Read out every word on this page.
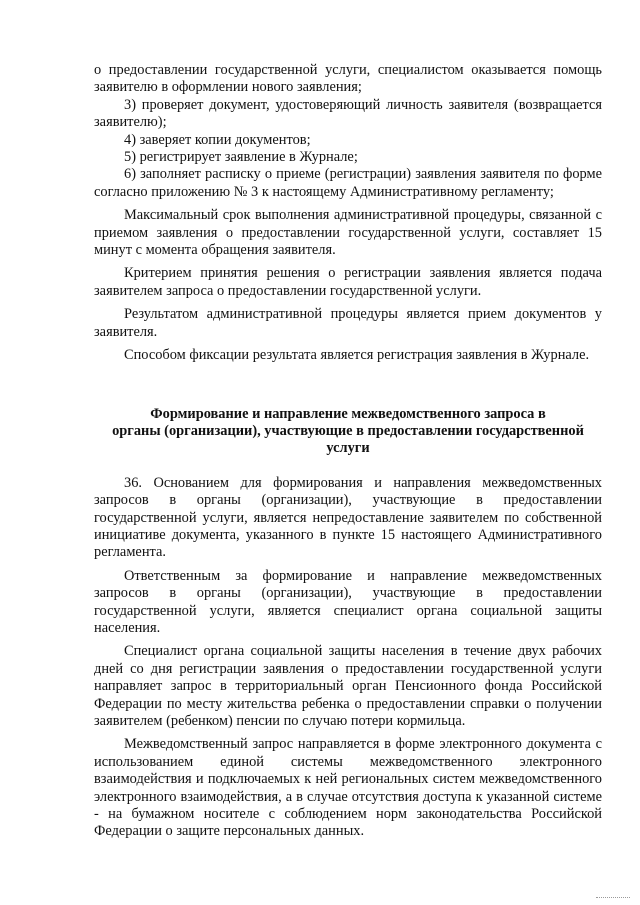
о предоставлении государственной услуги, специалистом оказывается помощь заявителю в оформлении нового заявления;

3) проверяет документ, удостоверяющий личность заявителя (возвращается заявителю);

4) заверяет копии документов;

5) регистрирует заявление в Журнале;

6) заполняет расписку о приеме (регистрации) заявления заявителя по форме согласно приложению № 3 к настоящему Административному регламенту;

Максимальный срок выполнения административной процедуры, связанной с приемом заявления о предоставлении государственной услуги, составляет 15 минут с момента обращения заявителя.

Критерием принятия решения о регистрации заявления является подача заявителем запроса о предоставлении государственной услуги.

Результатом административной процедуры является прием документов у заявителя.

Способом фиксации результата является регистрация заявления в Журнале.

Формирование и направление межведомственного запроса в
органы (организации), участвующие в предоставлении государственной
услуги

36. Основанием для формирования и направления межведомственных запросов в органы (организации), участвующие в предоставлении государственной услуги, является непредоставление заявителем по собственной инициативе документа, указанного в пункте 15 настоящего Административного регламента.

Ответственным за формирование и направление межведомственных запросов в органы (организации), участвующие в предоставлении государственной услуги, является специалист органа социальной защиты населения.

Специалист органа социальной защиты населения в течение двух рабочих дней со дня регистрации заявления о предоставлении государственной услуги направляет запрос в территориальный орган Пенсионного фонда Российской Федерации по месту жительства ребенка о предоставлении справки о получении заявителем (ребенком) пенсии по случаю потери кормильца.

Межведомственный запрос направляется в форме электронного документа с использованием единой системы межведомственного электронного взаимодействия и подключаемых к ней региональных систем межведомственного электронного взаимодействия, а в случае отсутствия доступа к указанной системе - на бумажном носителе с соблюдением норм законодательства Российской Федерации о защите персональных данных.
